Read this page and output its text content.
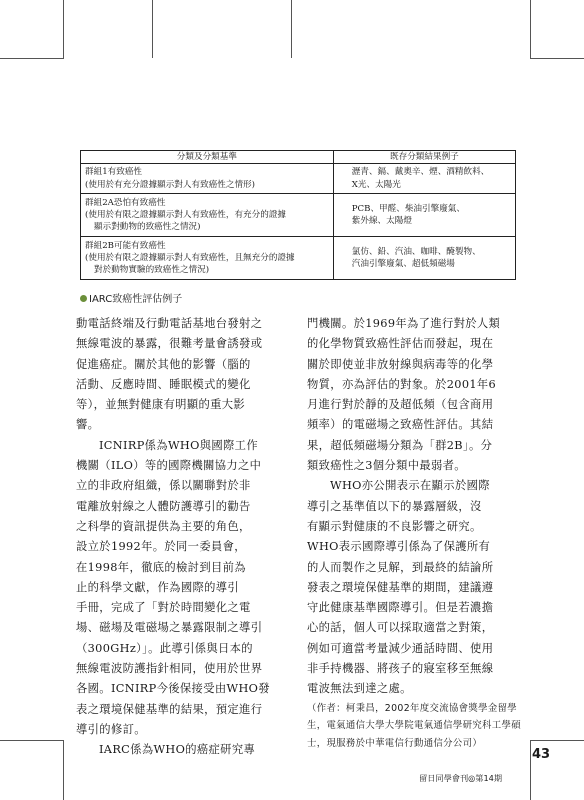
分類及分類基準	既存分類結果例子

群組1有致癌性
(使用於有充分證據顯示對人有致癌性之情形)	瀝青、鎘、戴奧辛、煙、酒精飲料、
X光、太陽光

群組2A恐怕有致癌性
(使用於有限之證據顯示對人有致癌性，有充分的證據
顯示對動物的致癌性之情況)	PCB、甲醛、柴油引擎廢氣、
紫外線、太陽燈

群組2B可能有致癌性
(使用於有限之證據顯示對人有致癌性，且無充分的證據
對於動物實驗的致癌性之情況)	氯仿、鉛、汽油、咖啡、醃製物、
汽油引擎廢氣、超低頻磁場
IARC致癌性評估例子
動電話終端及行動電話基地台發射之
無線電波的暴露，很難考量會誘發或
促進癌症。關於其他的影響（腦的
活動、反應時間、睡眠模式的變化
等），並無對健康有明顯的重大影
響。
ICNIRP係為WHO與國際工作
機關（ILO）等的國際機關協力之中
立的非政府組織，係以關聯對於非
電離放射線之人體防護導引的勸告
之科學的資訊提供為主要的角色，
設立於1992年。於同一委員會，
在1998年，徹底的檢討到目前為
止的科學文獻，作為國際的導引
手冊，完成了「對於時間變化之電
場、磁場及電磁場之暴露限制之導引
（300GHz）」。此導引係與日本的
無線電波防護指針相同，使用於世界
各國。ICNIRP今後保接受由WHO發
表之環境保健基準的結果，預定進行
導引的修訂。
IARC係為WHO的癌症研究專
門機關。於1969年為了進行對於人類
的化學物質致癌性評估而發起，現在
關於即使並非放射線與病毒等的化學
物質，亦為評估的對象。於2001年6
月進行對於靜的及超低頻（包含商用
頻率）的電磁場之致癌性評估。其結
果，超低頻磁場分類為「群2B」。分
類致癌性之3個分類中最弱者。
WHO亦公開表示在顯示於國際
導引之基準值以下的暴露層級，沒
有顯示對健康的不良影響之研究。
WHO表示國際導引係為了保護所有
的人而製作之見解，到最終的結論所
發表之環境保健基準的期間，建議遵
守此健康基準國際導引。但是若濃擔
心的話，個人可以採取適當之對策，
例如可適當考量減少通話時間、使用
非手持機器、將孩子的寢室移至無線
電波無法到達之處。
（作者：柯秉昌，2002年度交流協會獎學金留學
生，電氣通信大學大學院電氣通信學研究科工學碩
士，現服務於中華電信行動通信分公司）
43
留日同學會刊◎第14期
